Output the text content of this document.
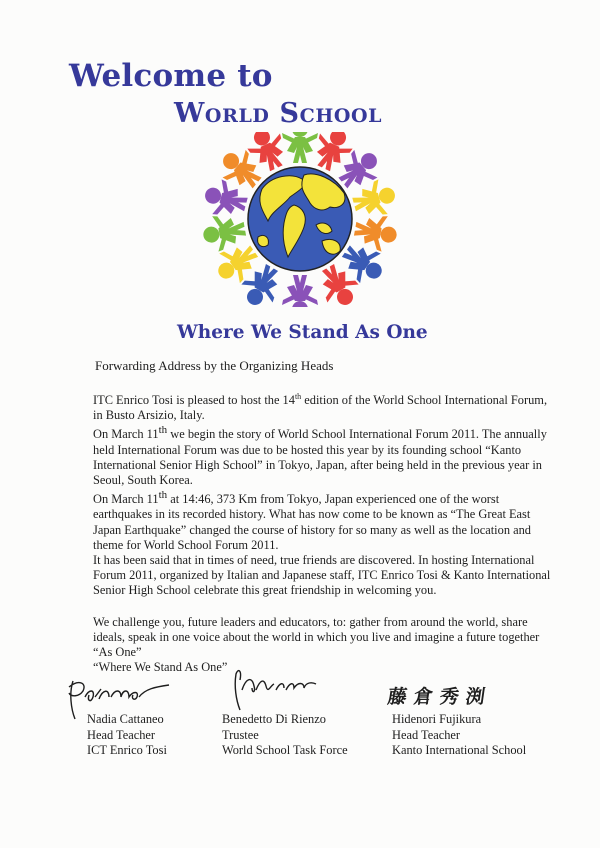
Welcome to
World School
Where We Stand As One

Forwarding Address by the Organizing Heads

ITC Enrico Tosi is pleased to host the 14th edition of the World School International Forum, in Busto Arsizio, Italy.

On March 11th we begin the story of World School International Forum 2011. The annually held International Forum was due to be hosted this year by its founding school “Kanto International Senior High School” in Tokyo, Japan, after being held in the previous year in Seoul, South Korea.

On March 11th at 14:46, 373 Km from Tokyo, Japan experienced one of the worst earthquakes in its recorded history. What has now come to be known as “The Great East Japan Earthquake” changed the course of history for so many as well as the location and theme for World School Forum 2011.

It has been said that in times of need, true friends are discovered. In hosting International Forum 2011, organized by Italian and Japanese staff, ITC Enrico Tosi & Kanto International Senior High School celebrate this great friendship in welcoming you.

We challenge you, future leaders and educators, to: gather from around the world, share ideals, speak in one voice about the world in which you live and imagine a future together “As One”

“Where We Stand As One”

Nadia Cattaneo
Head Teacher
ICT Enrico Tosi
Benedetto Di Rienzo
Trustee
World School Task Force
藤倉秀渕
Hidenori Fujikura
Head Teacher
Kanto International School
